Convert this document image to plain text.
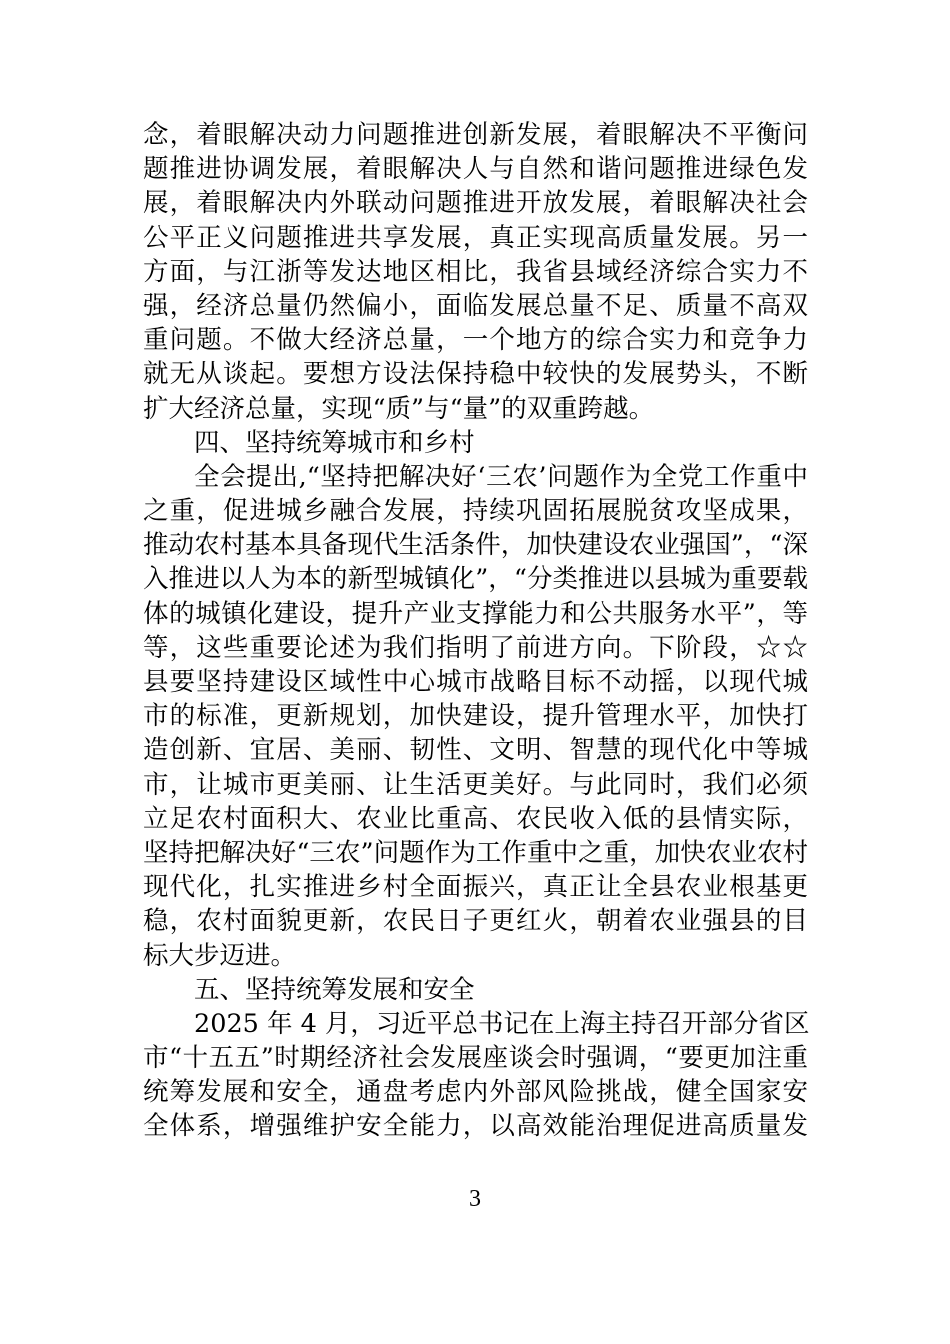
念，着眼解决动力问题推进创新发展，着眼解决不平衡问
题推进协调发展，着眼解决人与自然和谐问题推进绿色发
展，着眼解决内外联动问题推进开放发展，着眼解决社会
公平正义问题推进共享发展，真正实现高质量发展。另一
方面，与江浙等发达地区相比，我省县域经济综合实力不
强，经济总量仍然偏小，面临发展总量不足、质量不高双
重问题。不做大经济总量，一个地方的综合实力和竞争力
就无从谈起。要想方设法保持稳中较快的发展势头，不断
扩大经济总量，实现“质”与“量”的双重跨越。
四、坚持统筹城市和乡村
全会提出,“坚持把解决好‘三农’问题作为全党工作重中
之重，促进城乡融合发展，持续巩固拓展脱贫攻坚成果，
推动农村基本具备现代生活条件，加快建设农业强国”，“深
入推进以人为本的新型城镇化”，“分类推进以县城为重要载
体的城镇化建设，提升产业支撑能力和公共服务水平”，等
等，这些重要论述为我们指明了前进方向。下阶段，☆☆
县要坚持建设区域性中心城市战略目标不动摇，以现代城
市的标准，更新规划，加快建设，提升管理水平，加快打
造创新、宜居、美丽、韧性、文明、智慧的现代化中等城
市，让城市更美丽、让生活更美好。与此同时，我们必须
立足农村面积大、农业比重高、农民收入低的县情实际，
坚持把解决好“三农”问题作为工作重中之重，加快农业农村
现代化，扎实推进乡村全面振兴，真正让全县农业根基更
稳，农村面貌更新，农民日子更红火，朝着农业强县的目
标大步迈进。
五、坚持统筹发展和安全
2025 年 4 月，习近平总书记在上海主持召开部分省区
市“十五五”时期经济社会发展座谈会时强调，“要更加注重
统筹发展和安全，通盘考虑内外部风险挑战，健全国家安
全体系，增强维护安全能力，以高效能治理促进高质量发
3
